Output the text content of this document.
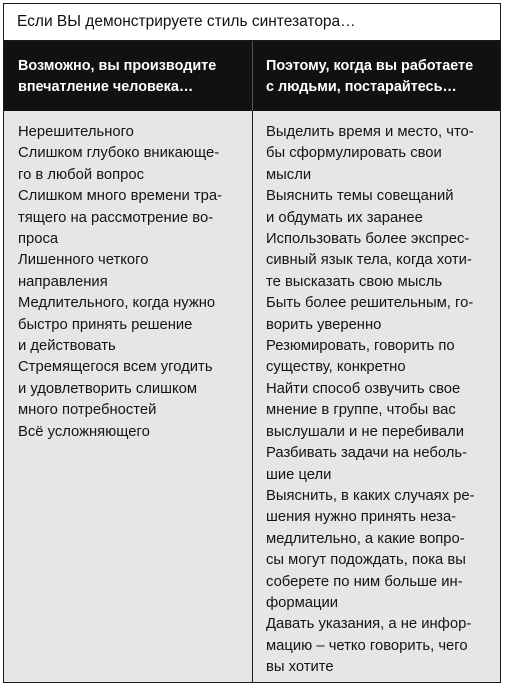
Если ВЫ демонстрируете стиль синтезатора…
Возможно, вы производите
впечатление человека…
Поэтому, когда вы работаете
с людьми, постарайтесь…
Нерешительного
Слишком глубоко вникающе-
го в любой вопрос
Слишком много времени тра-
тящего на рассмотрение во-
проса
Лишенного четкого
направления
Медлительного, когда нужно
быстро принять решение
и действовать
Стремящегося всем угодить
и удовлетворить слишком
много потребностей
Всё усложняющего
Выделить время и место, что-
бы сформулировать свои
мысли
Выяснить темы совещаний
и обдумать их заранее
Использовать более экспрес-
сивный язык тела, когда хоти-
те высказать свою мысль
Быть более решительным, го-
ворить уверенно
Резюмировать, говорить по
существу, конкретно
Найти способ озвучить свое
мнение в группе, чтобы вас
выслушали и не перебивали
Разбивать задачи на неболь-
шие цели
Выяснить, в каких случаях ре-
шения нужно принять неза-
медлительно, а какие вопро-
сы могут подождать, пока вы
соберете по ним больше ин-
формации
Давать указания, а не инфор-
мацию – четко говорить, чего
вы хотите
